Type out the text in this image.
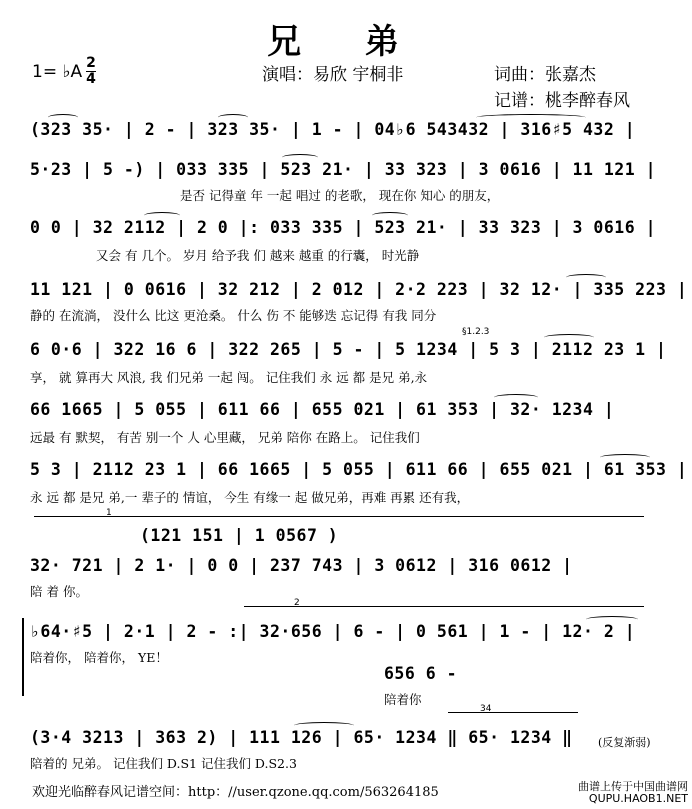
兄 弟
1= ♭A 2
4	演唱：易欣 宇桐非	词曲：张嘉杰
记谱：桃李醉春风
(323 35· | 2 - | 323 35· | 1 - | 04♭6 543432 | 316♯5 432 |
5·23 | 5 -) | 033 335 | 523 21· | 33 323 | 3 0616 | 11 121 |
是否 记得童 年 一起 唱过 的老歌， 现在你 知心 的朋友，
0 0 | 32 2112 | 2 0 |: 033 335 | 523 21· | 33 323 | 3 0616 |
又会 有 几个。 岁月 给予我 们 越来 越重 的行囊， 时光静
11 121 | 0 0616 | 32 212 | 2 012 | 2·2 223 | 32 12· | 335 223 |
静的 在流淌， 没什么 比这 更沧桑。 什么 伤 不 能够迭 忘记得 有我 同分
§1.2.3
6 0·6 | 322 16 6 | 322 265 | 5 - | 5 1234 | 5 3 | 2112 23 1 |
享， 就 算再大 风浪, 我 们兄弟 一起 闯。 记住我们 永 远 都 是兄 弟,永
66 1665 | 5 055 | 611 66 | 655 021 | 61 353 | 32· 1234 |
远最 有 默契， 有苦 别一个 人 心里藏， 兄弟 陪你 在路上。 记住我们
5 3 | 2112 23 1 | 66 1665 | 5 055 | 611 66 | 655 021 | 61 353 |
永 远 都 是兄 弟,一 辈子的 情谊， 今生 有缘一 起 做兄弟，再难 再累 还有我，
1
(121 151 | 1 0567 )
32· 721 | 2 1· | 0 0 | 237 743 | 3 0612 | 316 0612 |
陪 着 你。
2
♭64·♯5 | 2·1 | 2 - :| 32·656 | 6 - | 0 561 | 1 - | 12· 2 |
陪着你， 陪着你， YE！
656 6 -
陪着你
34
(3·4 3213 | 363 2) | 111 126 | 65· 1234 ‖ 65· 1234 ‖
陪着的 兄弟。 记住我们 D.S1 记住我们 D.S2.3
(反复渐弱)
欢迎光临醉春风记谱空间：http：//user.qzone.qq.com/563264185	曲谱上传于中国曲谱网
QUPU.HAOB1.NET
